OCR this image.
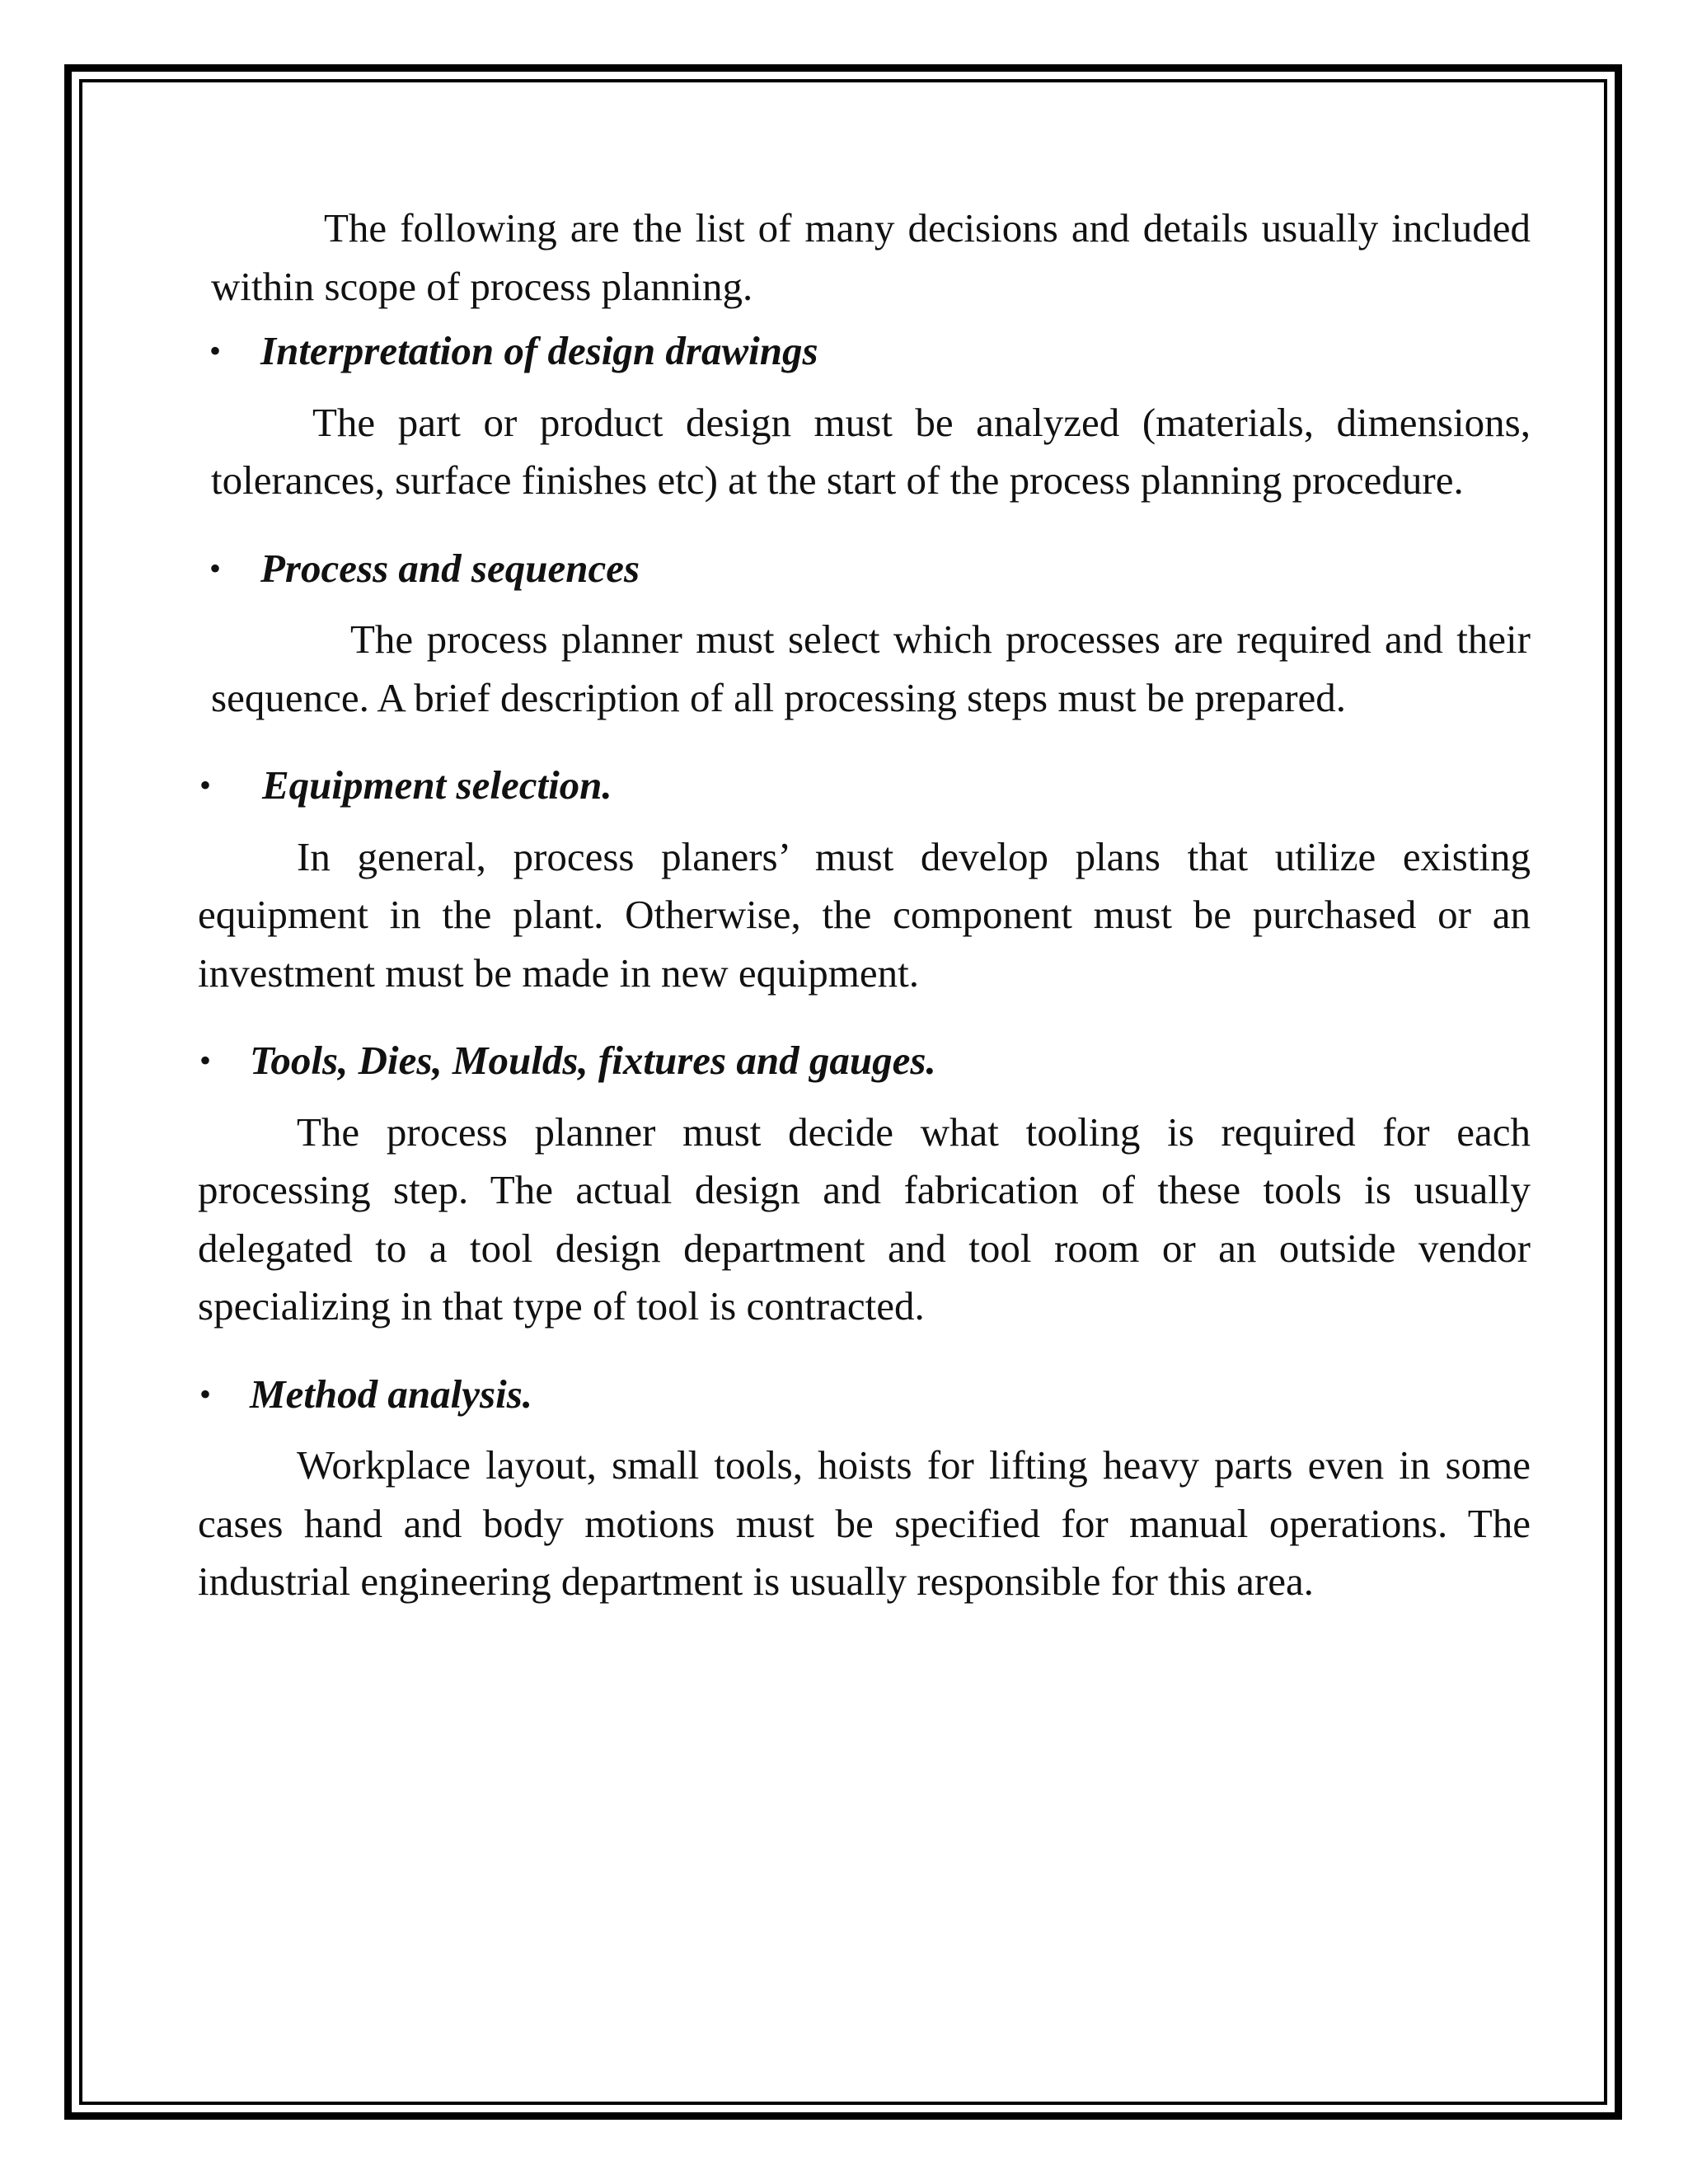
The following are the list of many decisions and details usually included within scope of process planning.

• Interpretation of design drawings

The part or product design must be analyzed (materials, dimensions, tolerances, surface finishes etc) at the start of the process planning procedure.

• Process and sequences

The process planner must select which processes are required and their sequence. A brief description of all processing steps must be prepared.

• Equipment selection.

In general, process planers’ must develop plans that utilize existing equipment in the plant. Otherwise, the component must be purchased or an investment must be made in new equipment.

• Tools, Dies, Moulds, fixtures and gauges.

The process planner must decide what tooling is required for each processing step. The actual design and fabrication of these tools is usually delegated to a tool design department and tool room or an outside vendor specializing in that type of tool is contracted.

• Method analysis.

Workplace layout, small tools, hoists for lifting heavy parts even in some cases hand and body motions must be specified for manual operations. The industrial engineering department is usually responsible for this area.
